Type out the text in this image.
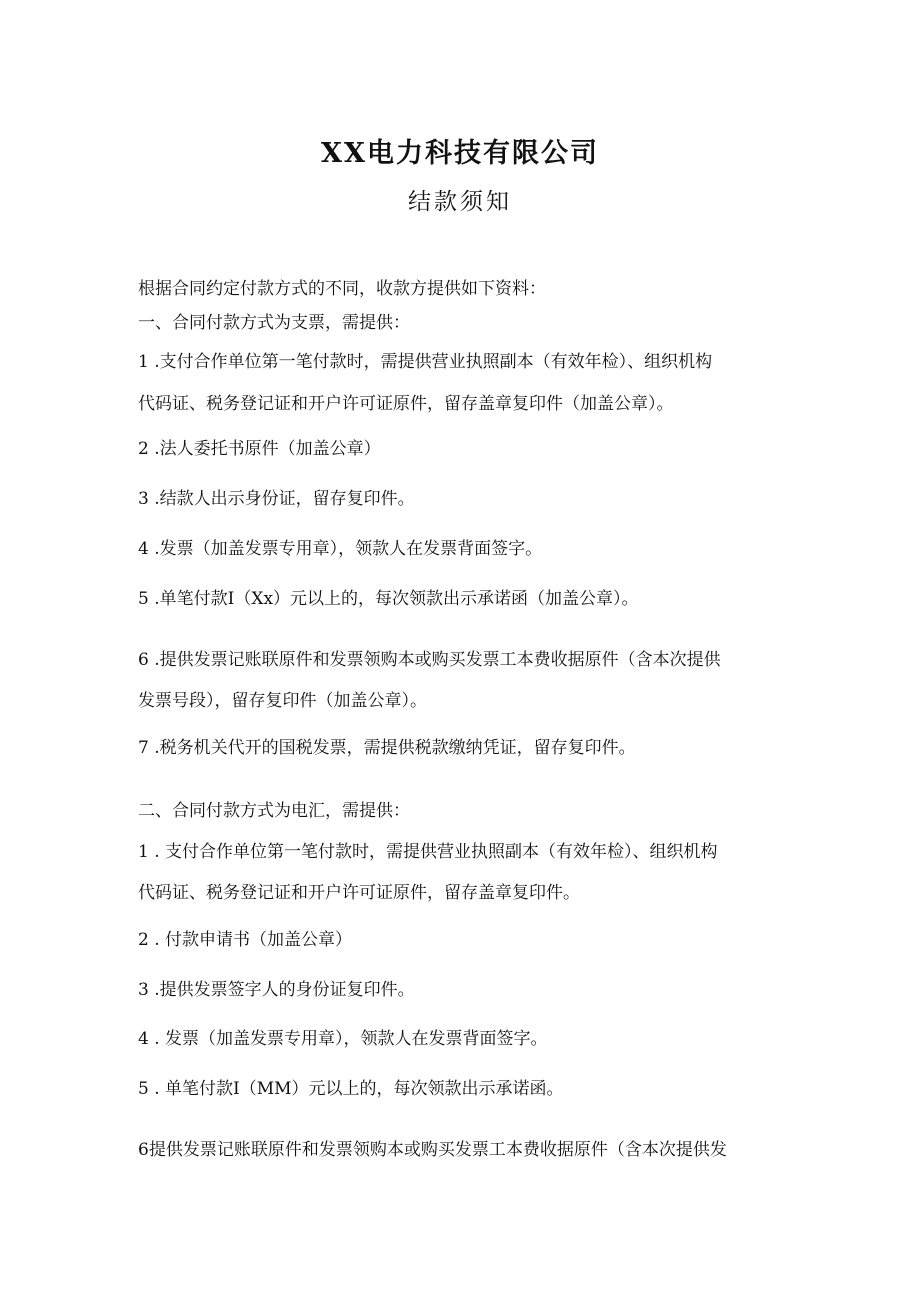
XX电力科技有限公司
结款须知
根据合同约定付款方式的不同，收款方提供如下资料：
一、合同付款方式为支票，需提供：
1 .支付合作单位第一笔付款时，需提供营业执照副本（有效年检）、组织机构
代码证、税务登记证和开户许可证原件，留存盖章复印件（加盖公章）。
2 .法人委托书原件（加盖公章）
3 .结款人出示身份证，留存复印件。
4 .发票（加盖发票专用章），领款人在发票背面签字。
5 .单笔付款I（Xx）元以上的，每次领款出示承诺函（加盖公章）。
6 .提供发票记账联原件和发票领购本或购买发票工本费收据原件（含本次提供
发票号段），留存复印件（加盖公章）。
7 .税务机关代开的国税发票，需提供税款缴纳凭证，留存复印件。
二、合同付款方式为电汇，需提供：
1 . 支付合作单位第一笔付款时，需提供营业执照副本（有效年检）、组织机构
代码证、税务登记证和开户许可证原件，留存盖章复印件。
2 . 付款申请书（加盖公章）
3 .提供发票签字人的身份证复印件。
4 . 发票（加盖发票专用章），领款人在发票背面签字。
5 . 单笔付款I（MM）元以上的，每次领款出示承诺函。
6提供发票记账联原件和发票领购本或购买发票工本费收据原件（含本次提供发
